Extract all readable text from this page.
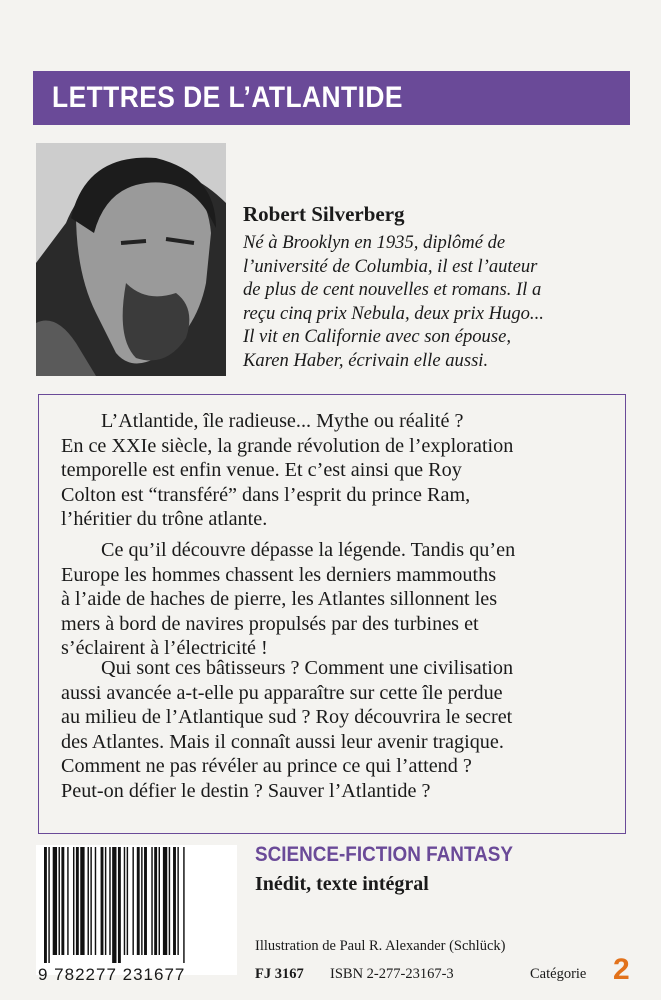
LETTRES DE L’ATLANTIDE
Robert Silverberg
Né à Brooklyn en 1935, diplômé de
l’université de Columbia, il est l’auteur
de plus de cent nouvelles et romans. Il a
reçu cinq prix Nebula, deux prix Hugo...
Il vit en Californie avec son épouse,
Karen Haber, écrivain elle aussi.
L’Atlantide, île radieuse... Mythe ou réalité ?
En ce XXIe siècle, la grande révolution de l’exploration
temporelle est enfin venue. Et c’est ainsi que Roy
Colton est “transféré” dans l’esprit du prince Ram,
l’héritier du trône atlante.
Ce qu’il découvre dépasse la légende. Tandis qu’en
Europe les hommes chassent les derniers mammouths
à l’aide de haches de pierre, les Atlantes sillonnent les
mers à bord de navires propulsés par des turbines et
s’éclairent à l’électricité !
Qui sont ces bâtisseurs ? Comment une civilisation
aussi avancée a-t-elle pu apparaître sur cette île perdue
au milieu de l’Atlantique sud ? Roy découvrira le secret
des Atlantes. Mais il connaît aussi leur avenir tragique.
Comment ne pas révéler au prince ce qui l’attend ?
Peut-on défier le destin ? Sauver l’Atlantide ?
9 782277 231677
SCIENCE-FICTION FANTASY
Inédit, texte intégral
Illustration de Paul R. Alexander (Schlück)
FJ 3167 ISBN 2-277-23167-3	Catégorie 2
